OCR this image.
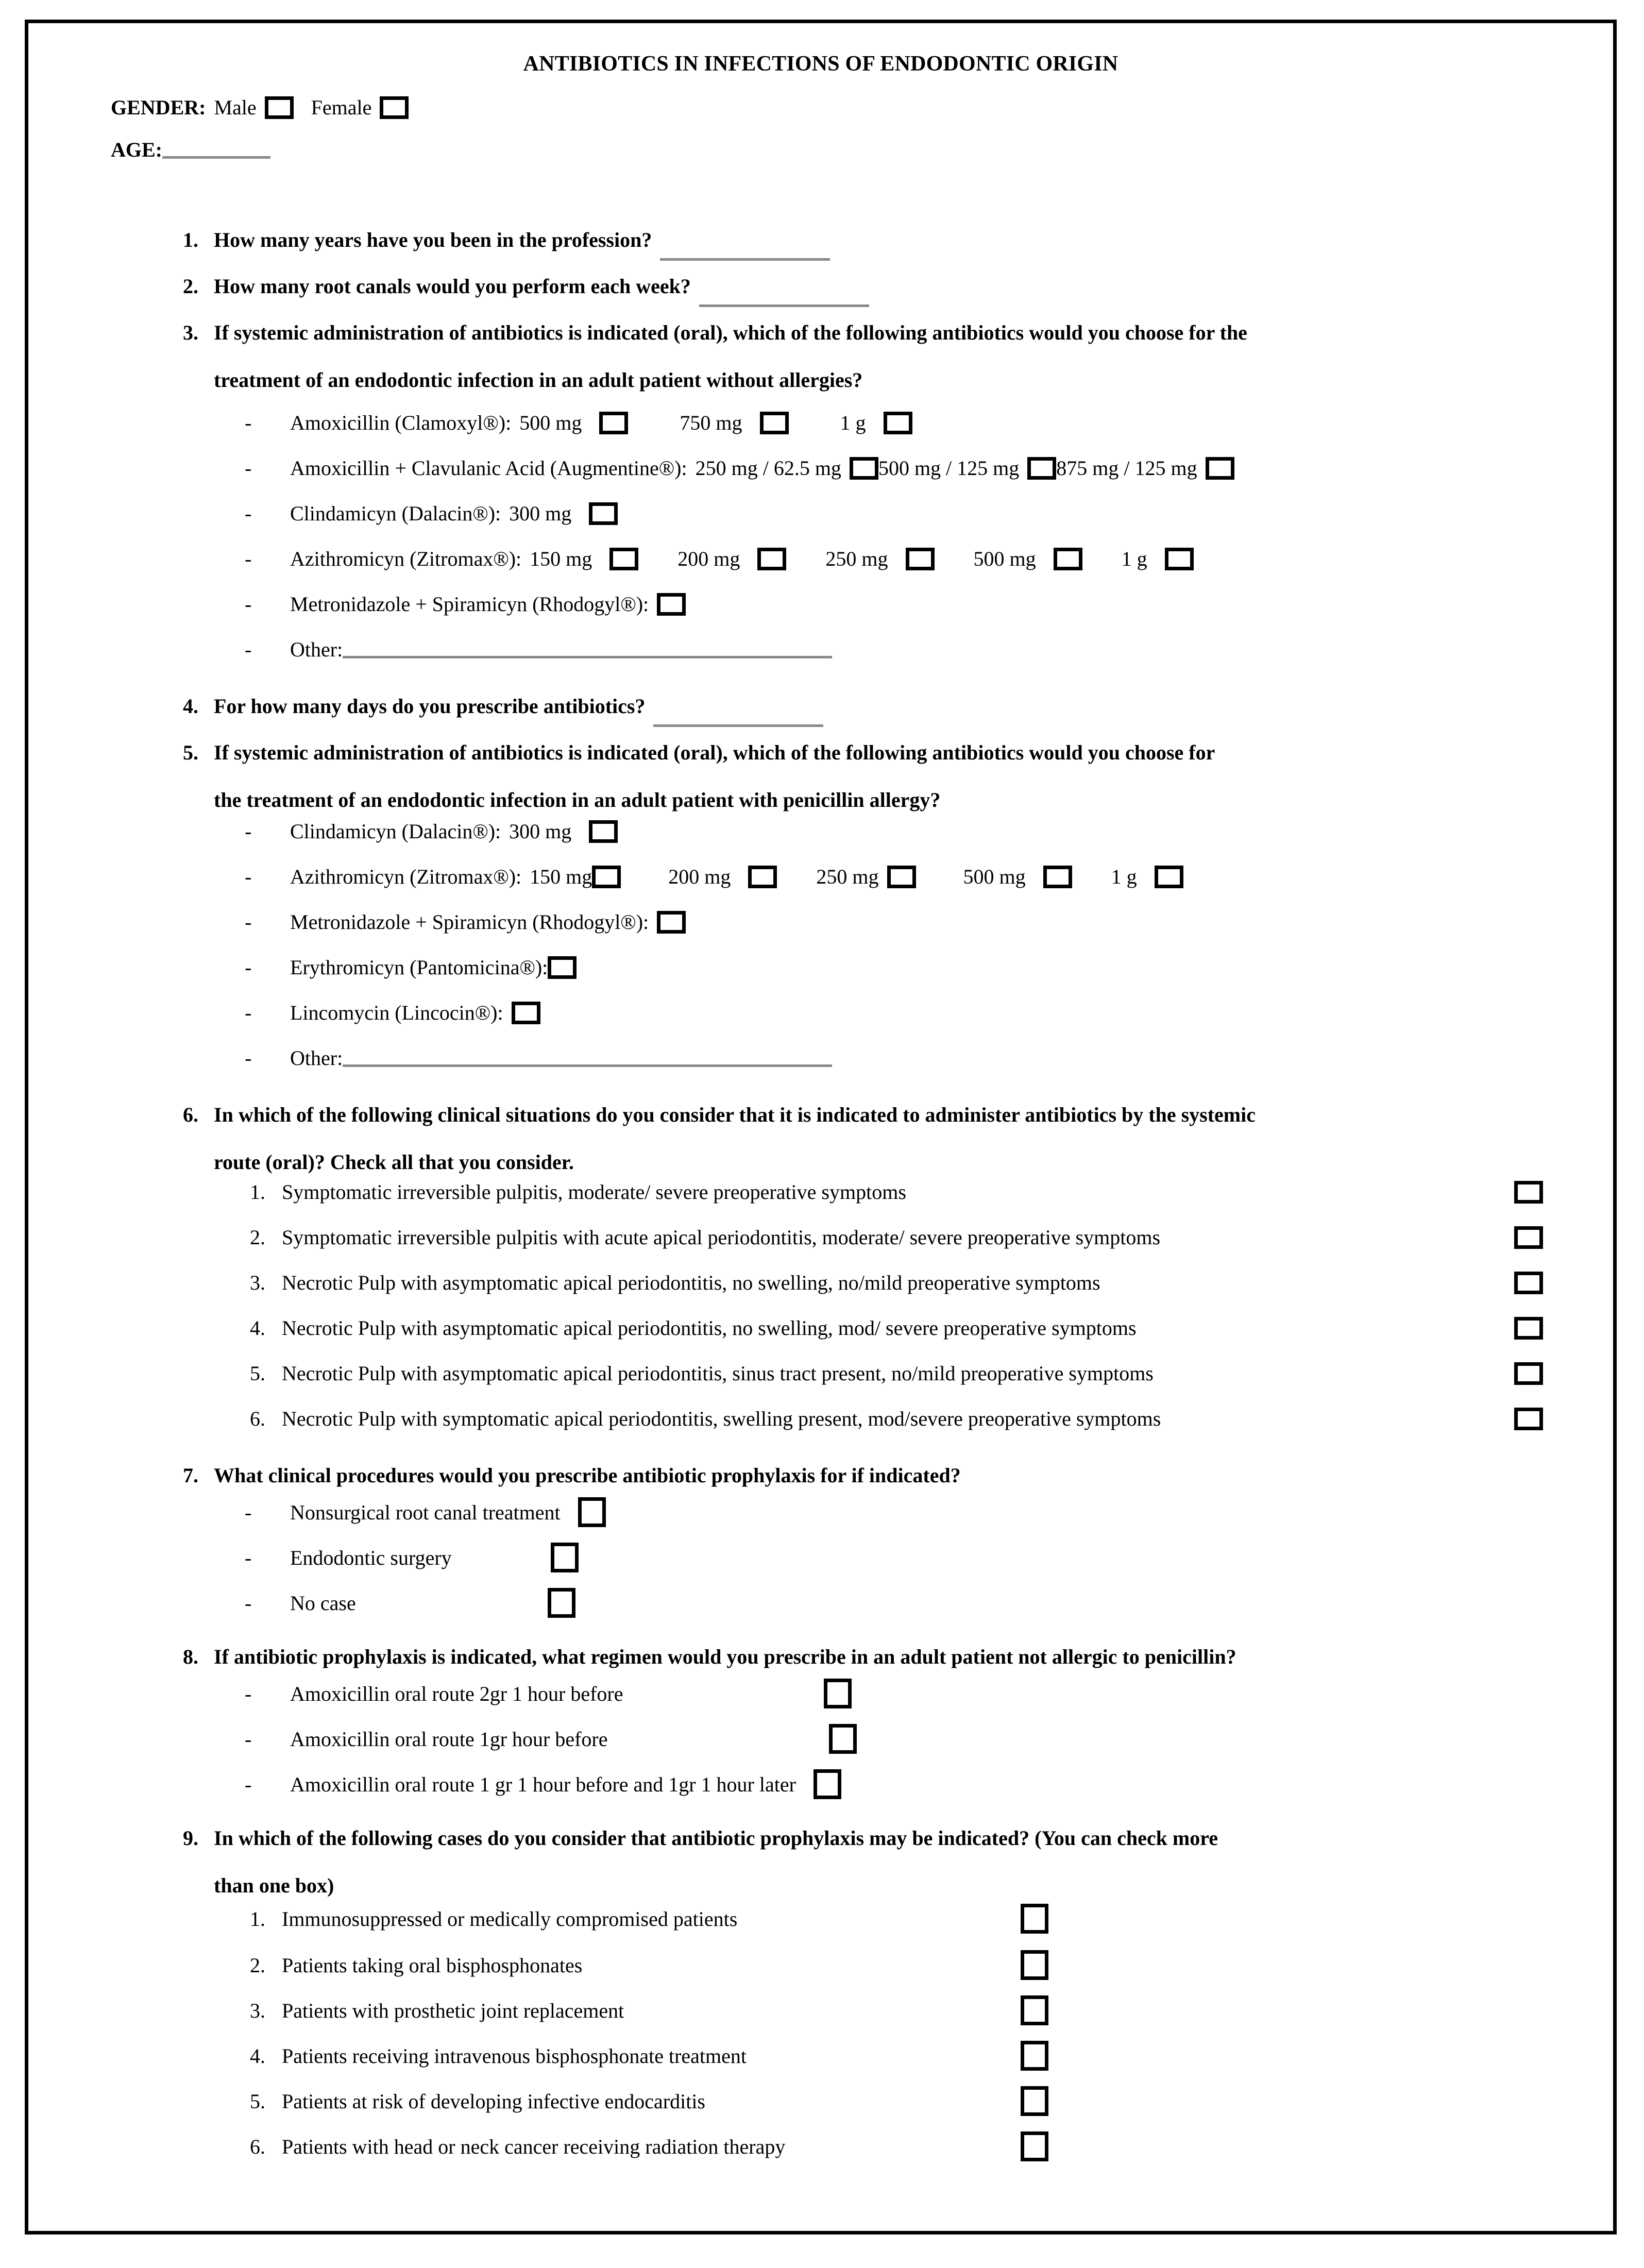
ANTIBIOTICS IN INFECTIONS OF ENDODONTIC ORIGIN
GENDER: Male	Female
AGE:
1. How many years have you been in the profession?
2. How many root canals would you perform each week?
3. If systemic administration of antibiotics is indicated (oral), which of the following antibiotics would you choose for the
treatment of an endodontic infection in an adult patient without allergies?
-	Amoxicillin (Clamoxyl®): 500 mg	750 mg	1 g
-	Amoxicillin + Clavulanic Acid (Augmentine®): 250 mg / 62.5 mg 500 mg / 125 mg 875 mg / 125 mg
-	Clindamicyn (Dalacin®): 300 mg
-	Azithromicyn (Zitromax®): 150 mg	200 mg	250 mg	500 mg	1 g
-	Metronidazole + Spiramicyn (Rhodogyl®):
-	Other:
4. For how many days do you prescribe antibiotics?
5. If systemic administration of antibiotics is indicated (oral), which of the following antibiotics would you choose for
the treatment of an endodontic infection in an adult patient with penicillin allergy?
-	Clindamicyn (Dalacin®): 300 mg
-	Azithromicyn (Zitromax®): 150 mg	200 mg	250 mg	500 mg	1 g
-	Metronidazole + Spiramicyn (Rhodogyl®):
-	Erythromicyn (Pantomicina®):
-	Lincomycin (Lincocin®):
-	Other:
6. In which of the following clinical situations do you consider that it is indicated to administer antibiotics by the systemic
route (oral)? Check all that you consider.
1. Symptomatic irreversible pulpitis, moderate/ severe preoperative symptoms
2. Symptomatic irreversible pulpitis with acute apical periodontitis, moderate/ severe preoperative symptoms
3. Necrotic Pulp with asymptomatic apical periodontitis, no swelling, no/mild preoperative symptoms
4. Necrotic Pulp with asymptomatic apical periodontitis, no swelling, mod/ severe preoperative symptoms
5. Necrotic Pulp with asymptomatic apical periodontitis, sinus tract present, no/mild preoperative symptoms
6. Necrotic Pulp with symptomatic apical periodontitis, swelling present, mod/severe preoperative symptoms
7. What clinical procedures would you prescribe antibiotic prophylaxis for if indicated?
-	Nonsurgical root canal treatment
-	Endodontic surgery
-	No case
8. If antibiotic prophylaxis is indicated, what regimen would you prescribe in an adult patient not allergic to penicillin?
-	Amoxicillin oral route 2gr 1 hour before
-	Amoxicillin oral route 1gr hour before
-	Amoxicillin oral route 1 gr 1 hour before and 1gr 1 hour later
9. In which of the following cases do you consider that antibiotic prophylaxis may be indicated? (You can check more
than one box)
1. Immunosuppressed or medically compromised patients
2. Patients taking oral bisphosphonates
3. Patients with prosthetic joint replacement
4. Patients receiving intravenous bisphosphonate treatment
5. Patients at risk of developing infective endocarditis
6. Patients with head or neck cancer receiving radiation therapy
